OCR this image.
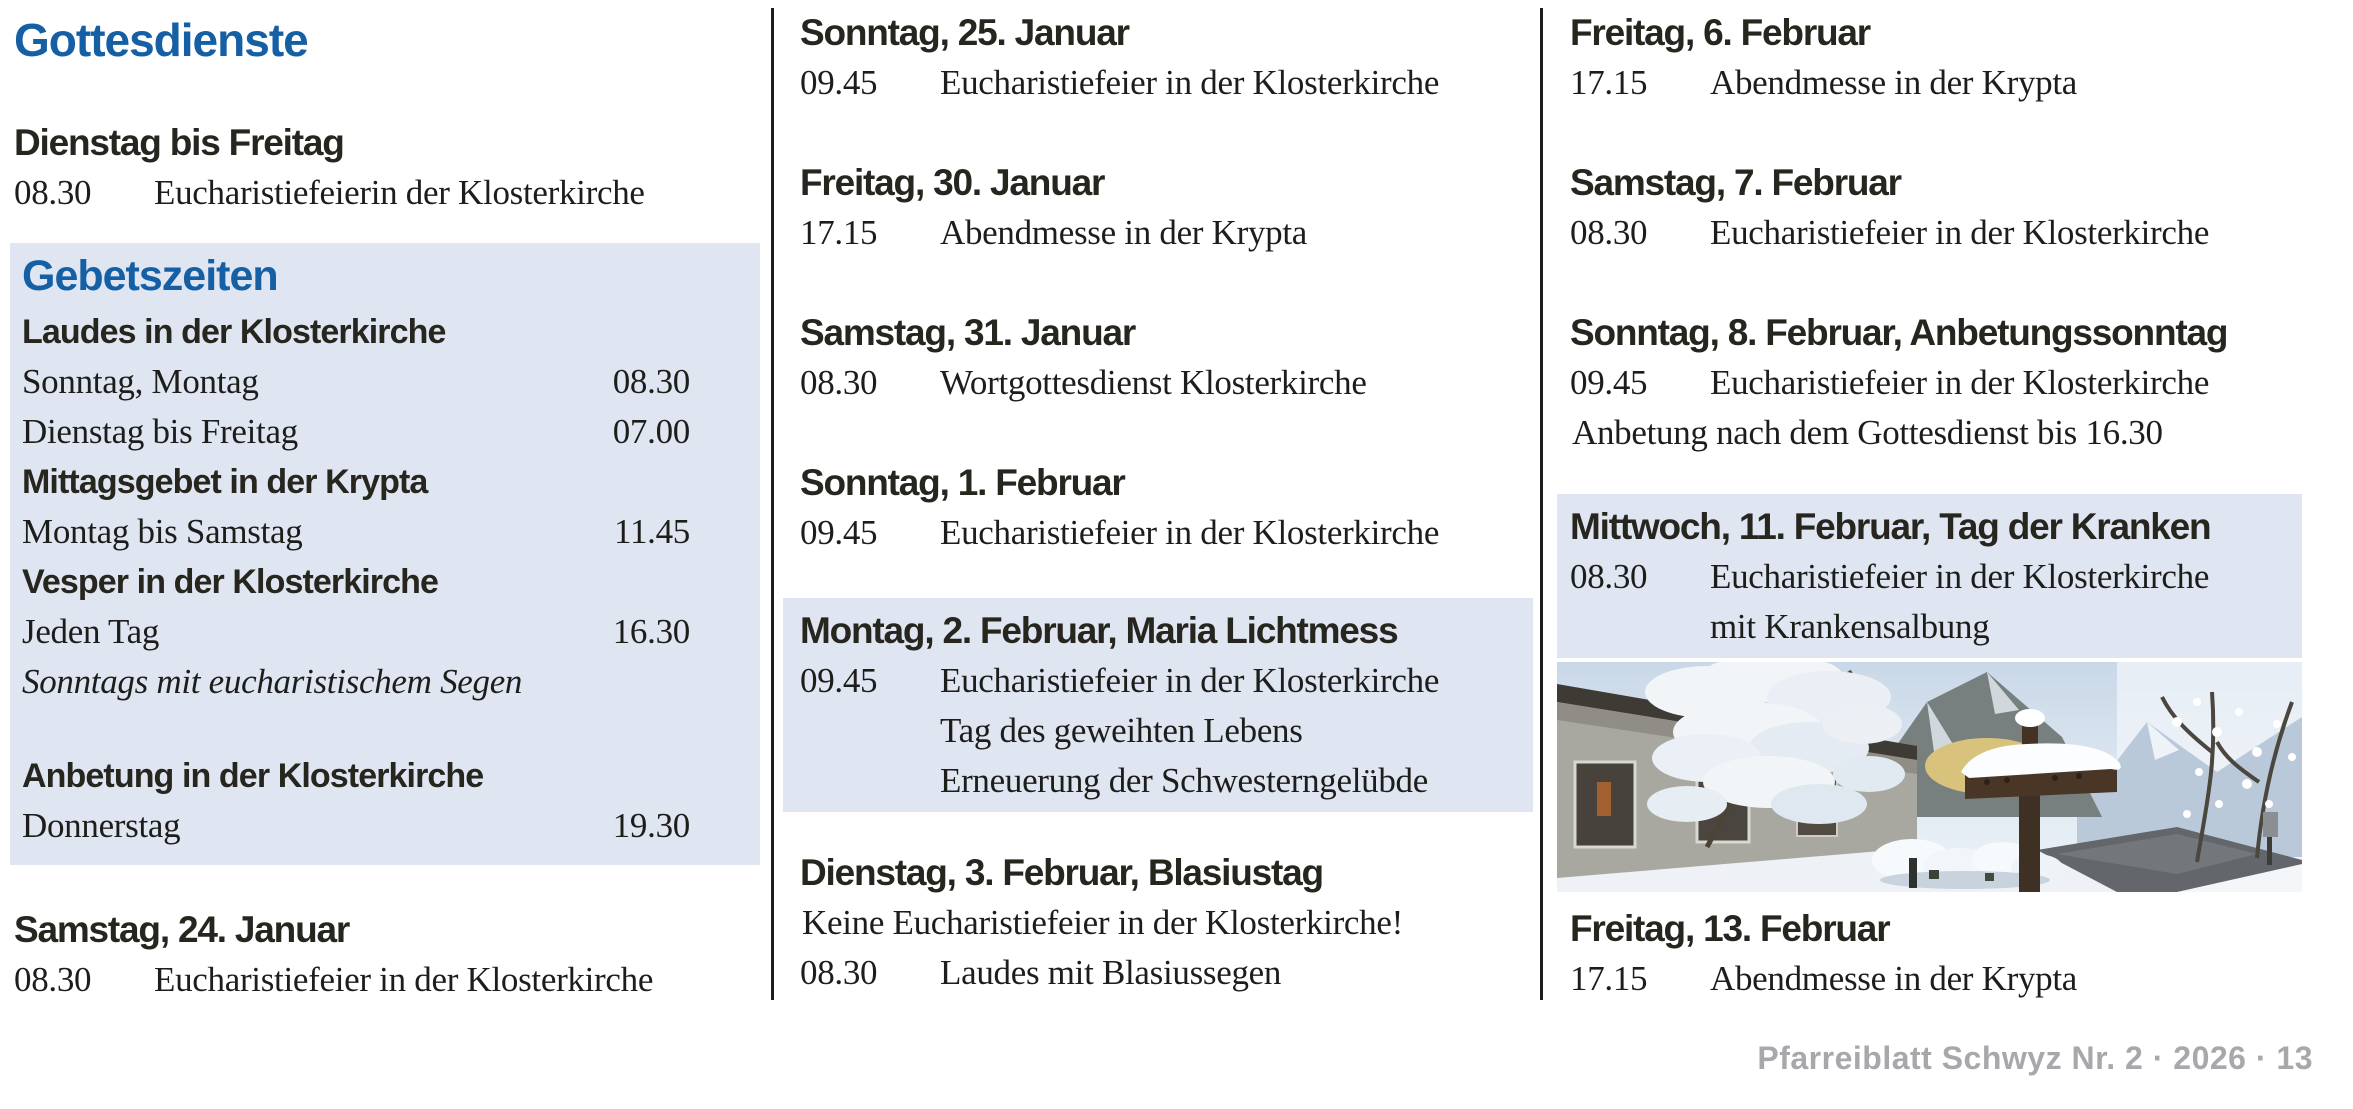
Gottesdienste
Dienstag bis Freitag
08.30 Eucharistiefeierin der Klosterkirche
Gebetszeiten
Laudes in der Klosterkirche
Sonntag, Montag	08.30
Dienstag bis Freitag	07.00
Mittagsgebet in der Krypta
Montag bis Samstag	11.45
Vesper in der Klosterkirche
Jeden Tag	16.30
Sonntags mit eucharistischem Segen
Anbetung in der Klosterkirche
Donnerstag	19.30
Samstag, 24. Januar
08.30 Eucharistiefeier in der Klosterkirche
Sonntag, 25. Januar
09.45 Eucharistiefeier in der Klosterkirche
Freitag, 30. Januar
17.15 Abendmesse in der Krypta
Samstag, 31. Januar
08.30 Wortgottesdienst Klosterkirche
Sonntag, 1. Februar
09.45 Eucharistiefeier in der Klosterkirche
Montag, 2. Februar, Maria Lichtmess
09.45 Eucharistiefeier in der Klosterkirche
Tag des geweihten Lebens
Erneuerung der Schwesterngelübde
Dienstag, 3. Februar, Blasiustag
Keine Eucharistiefeier in der Klosterkirche!
08.30 Laudes mit Blasiussegen
Freitag, 6. Februar
17.15 Abendmesse in der Krypta
Samstag, 7. Februar
08.30 Eucharistiefeier in der Klosterkirche
Sonntag, 8. Februar, Anbetungssonntag
09.45 Eucharistiefeier in der Klosterkirche
Anbetung nach dem Gottesdienst bis 16.30
Mittwoch, 11. Februar, Tag der Kranken
08.30 Eucharistiefeier in der Klosterkirche
mit Krankensalbung
Freitag, 13. Februar
17.15 Abendmesse in der Krypta
Pfarreiblatt Schwyz Nr. 2 · 2026 · 13
